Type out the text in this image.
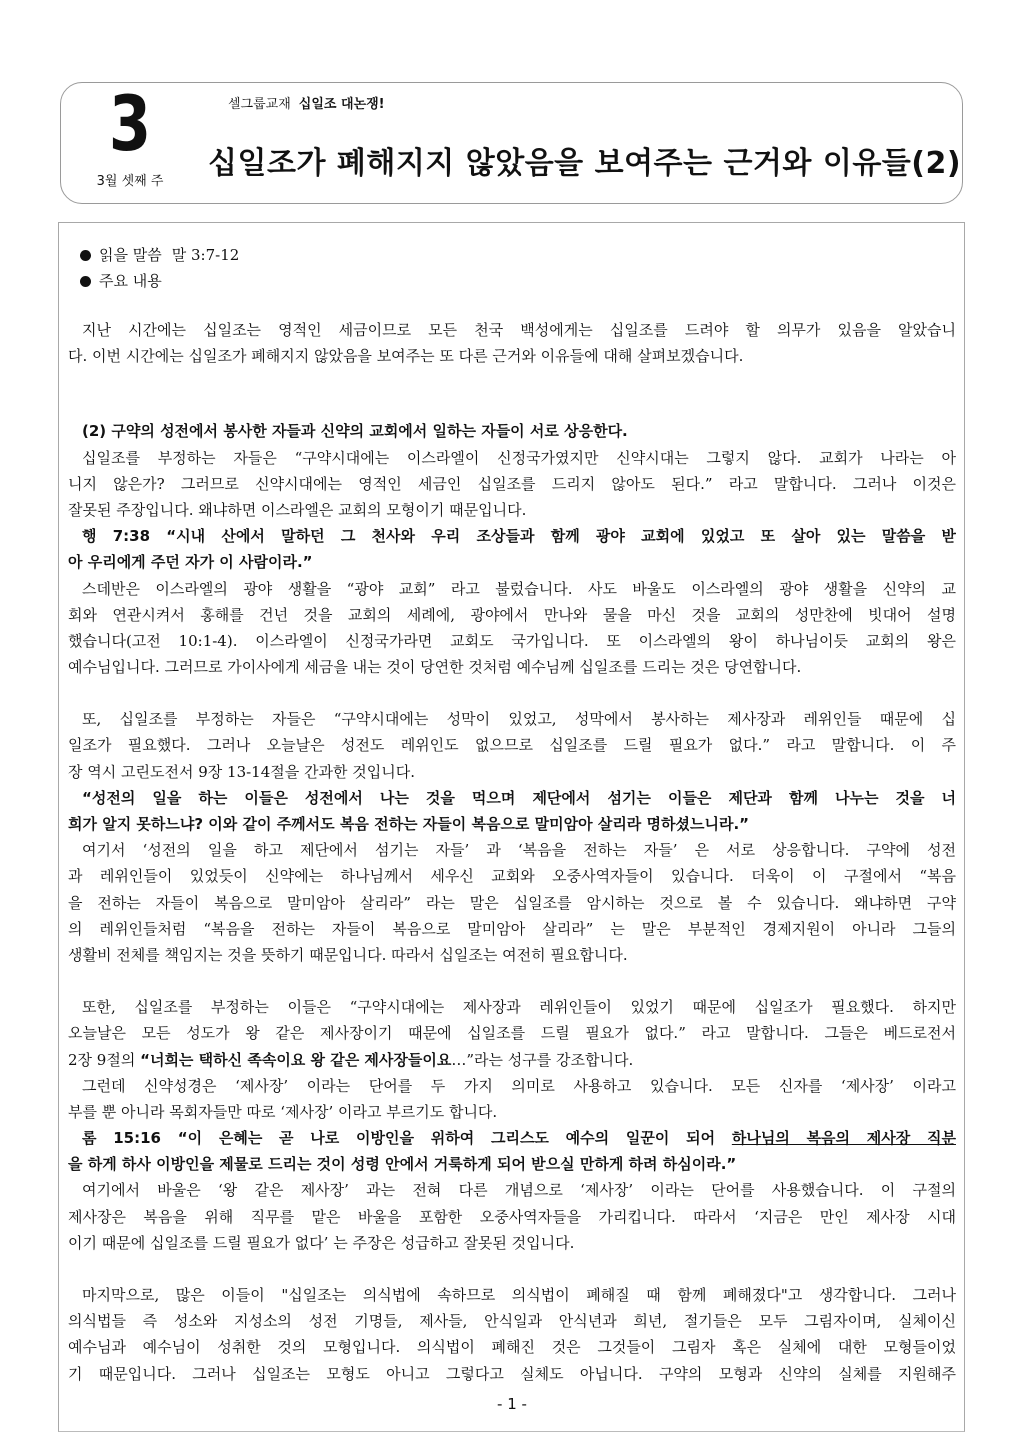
3
3월 셋째 주
셀그룹교재 십일조 대논쟁!
십일조가 폐해지지 않았음을 보여주는 근거와 이유들(2)
읽을 말씀 말 3:7-12
주요 내용
지난 시간에는 십일조는 영적인 세금이므로 모든 천국 백성에게는 십일조를 드려야 할 의무가 있음을 알았습니
다. 이번 시간에는 십일조가 폐해지지 않았음을 보여주는 또 다른 근거와 이유들에 대해 살펴보겠습니다.
(2) 구약의 성전에서 봉사한 자들과 신약의 교회에서 일하는 자들이 서로 상응한다.
십일조를 부정하는 자들은 “구약시대에는 이스라엘이 신정국가였지만 신약시대는 그렇지 않다. 교회가 나라는 아
니지 않은가? 그러므로 신약시대에는 영적인 세금인 십일조를 드리지 않아도 된다.” 라고 말합니다. 그러나 이것은
잘못된 주장입니다. 왜냐하면 이스라엘은 교회의 모형이기 때문입니다.
행 7:38 “시내 산에서 말하던 그 천사와 우리 조상들과 함께 광야 교회에 있었고 또 살아 있는 말씀을 받
아 우리에게 주던 자가 이 사람이라.”
스데반은 이스라엘의 광야 생활을 “광야 교회” 라고 불렀습니다. 사도 바울도 이스라엘의 광야 생활을 신약의 교
회와 연관시켜서 홍해를 건넌 것을 교회의 세례에, 광야에서 만나와 물을 마신 것을 교회의 성만찬에 빗대어 설명
했습니다(고전 10:1-4). 이스라엘이 신정국가라면 교회도 국가입니다. 또 이스라엘의 왕이 하나님이듯 교회의 왕은
예수님입니다. 그러므로 가이사에게 세금을 내는 것이 당연한 것처럼 예수님께 십일조를 드리는 것은 당연합니다.
또, 십일조를 부정하는 자들은 “구약시대에는 성막이 있었고, 성막에서 봉사하는 제사장과 레위인들 때문에 십
일조가 필요했다. 그러나 오늘날은 성전도 레위인도 없으므로 십일조를 드릴 필요가 없다.” 라고 말합니다. 이 주
장 역시 고린도전서 9장 13-14절을 간과한 것입니다.
“성전의 일을 하는 이들은 성전에서 나는 것을 먹으며 제단에서 섬기는 이들은 제단과 함께 나누는 것을 너
희가 알지 못하느냐? 이와 같이 주께서도 복음 전하는 자들이 복음으로 말미암아 살리라 명하셨느니라.”
여기서 ‘성전의 일을 하고 제단에서 섬기는 자들’ 과 ‘복음을 전하는 자들’ 은 서로 상응합니다. 구약에 성전
과 레위인들이 있었듯이 신약에는 하나님께서 세우신 교회와 오중사역자들이 있습니다. 더욱이 이 구절에서 “복음
을 전하는 자들이 복음으로 말미암아 살리라” 라는 말은 십일조를 암시하는 것으로 볼 수 있습니다. 왜냐하면 구약
의 레위인들처럼 “복음을 전하는 자들이 복음으로 말미암아 살리라” 는 말은 부분적인 경제지원이 아니라 그들의
생활비 전체를 책임지는 것을 뜻하기 때문입니다. 따라서 십일조는 여전히 필요합니다.
또한, 십일조를 부정하는 이들은 “구약시대에는 제사장과 레위인들이 있었기 때문에 십일조가 필요했다. 하지만
오늘날은 모든 성도가 왕 같은 제사장이기 때문에 십일조를 드릴 필요가 없다.” 라고 말합니다. 그들은 베드로전서
2장 9절의 “너희는 택하신 족속이요 왕 같은 제사장들이요…”라는 성구를 강조합니다.
그런데 신약성경은 ‘제사장’ 이라는 단어를 두 가지 의미로 사용하고 있습니다. 모든 신자를 ‘제사장’ 이라고
부를 뿐 아니라 목회자들만 따로 ‘제사장’ 이라고 부르기도 합니다.
롬 15:16 “이 은혜는 곧 나로 이방인을 위하여 그리스도 예수의 일꾼이 되어 하나님의 복음의 제사장 직분
을 하게 하사 이방인을 제물로 드리는 것이 성령 안에서 거룩하게 되어 받으실 만하게 하려 하심이라.”
여기에서 바울은 ‘왕 같은 제사장’ 과는 전혀 다른 개념으로 ‘제사장’ 이라는 단어를 사용했습니다. 이 구절의
제사장은 복음을 위해 직무를 맡은 바울을 포함한 오중사역자들을 가리킵니다. 따라서 ‘지금은 만인 제사장 시대
이기 때문에 십일조를 드릴 필요가 없다’ 는 주장은 성급하고 잘못된 것입니다.
마지막으로, 많은 이들이 "십일조는 의식법에 속하므로 의식법이 폐해질 때 함께 폐해졌다"고 생각합니다. 그러나
의식법들 즉 성소와 지성소의 성전 기명들, 제사들, 안식일과 안식년과 희년, 절기들은 모두 그림자이며, 실체이신
예수님과 예수님이 성취한 것의 모형입니다. 의식법이 폐해진 것은 그것들이 그림자 혹은 실체에 대한 모형들이었
기 때문입니다. 그러나 십일조는 모형도 아니고 그렇다고 실체도 아닙니다. 구약의 모형과 신약의 실체를 지원해주
- 1 -
